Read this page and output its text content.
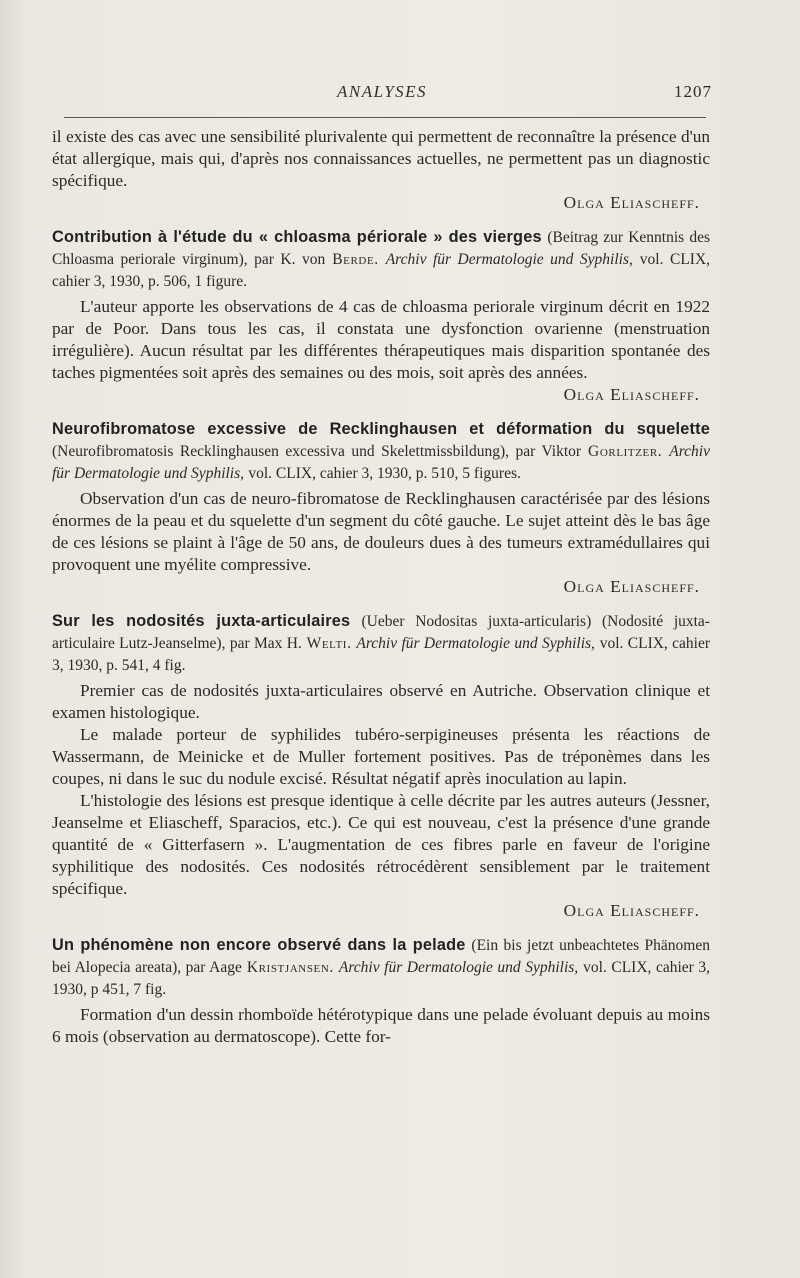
ANALYSES	1207

il existe des cas avec une sensibilité plurivalente qui permettent de reconnaître la présence d'un état allergique, mais qui, d'après nos connaissances actuelles, ne permettent pas un diagnostic spécifique.

Olga Eliascheff.

Contribution à l'étude du « chloasma périorale » des vierges (Beitrag zur Kenntnis des Chloasma periorale virginum), par K. von Berde. Archiv für Dermatologie und Syphilis, vol. CLIX, cahier 3, 1930, p. 506, 1 figure.

L'auteur apporte les observations de 4 cas de chloasma periorale virginum décrit en 1922 par de Poor. Dans tous les cas, il constata une dysfonction ovarienne (menstruation irrégulière). Aucun résultat par les différentes thérapeutiques mais disparition spontanée des taches pigmentées soit après des semaines ou des mois, soit après des années.

Olga Eliascheff.

Neurofibromatose excessive de Recklinghausen et déformation du squelette (Neurofibromatosis Recklinghausen excessiva und Skelettmissbildung), par Viktor Gorlitzer. Archiv für Dermatologie und Syphilis, vol. CLIX, cahier 3, 1930, p. 510, 5 figures.

Observation d'un cas de neuro-fibromatose de Recklinghausen caractérisée par des lésions énormes de la peau et du squelette d'un segment du côté gauche. Le sujet atteint dès le bas âge de ces lésions se plaint à l'âge de 50 ans, de douleurs dues à des tumeurs extramédullaires qui provoquent une myélite compressive.

Olga Eliascheff.

Sur les nodosités juxta-articulaires (Ueber Nodositas juxta-articularis) (Nodosité juxta-articulaire Lutz-Jeanselme), par Max H. Welti. Archiv für Dermatologie und Syphilis, vol. CLIX, cahier 3, 1930, p. 541, 4 fig.

Premier cas de nodosités juxta-articulaires observé en Autriche. Observation clinique et examen histologique.

Le malade porteur de syphilides tubéro-serpigineuses présenta les réactions de Wassermann, de Meinicke et de Muller fortement positives. Pas de tréponèmes dans les coupes, ni dans le suc du nodule excisé. Résultat négatif après inoculation au lapin.

L'histologie des lésions est presque identique à celle décrite par les autres auteurs (Jessner, Jeanselme et Eliascheff, Sparacios, etc.). Ce qui est nouveau, c'est la présence d'une grande quantité de « Gitterfasern ». L'augmentation de ces fibres parle en faveur de l'origine syphilitique des nodosités. Ces nodosités rétrocédèrent sensiblement par le traitement spécifique.

Olga Eliascheff.

Un phénomène non encore observé dans la pelade (Ein bis jetzt unbeachtetes Phänomen bei Alopecia areata), par Aage Kristjansen. Archiv für Dermatologie und Syphilis, vol. CLIX, cahier 3, 1930, p 451, 7 fig.

Formation d'un dessin rhomboïde hétérotypique dans une pelade évoluant depuis au moins 6 mois (observation au dermatoscope). Cette for-
